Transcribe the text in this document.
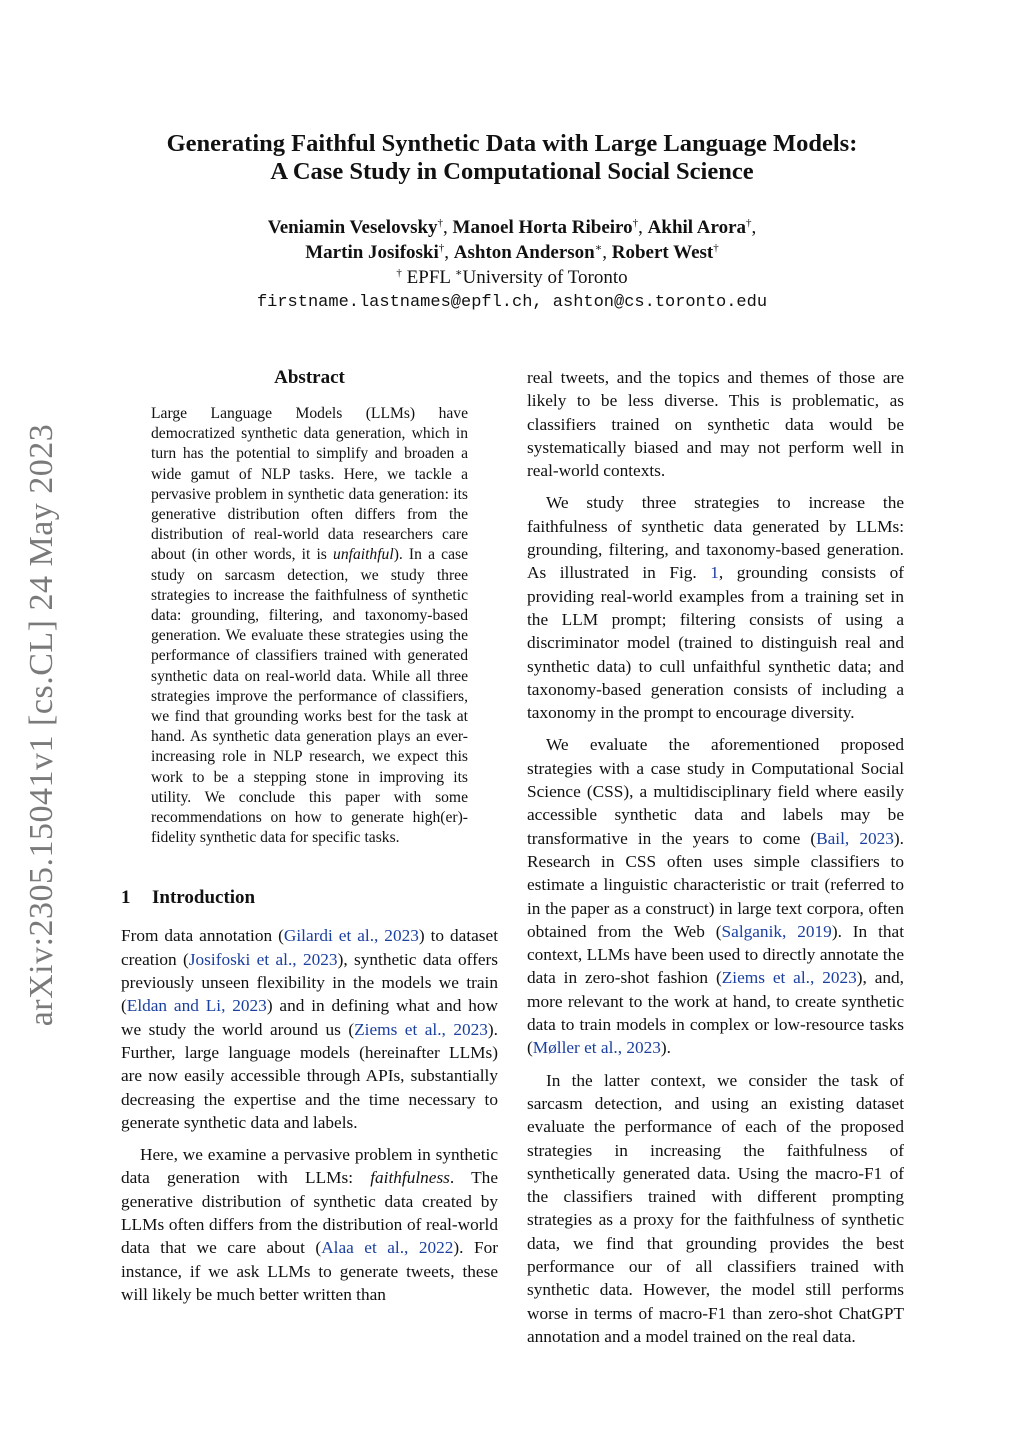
arXiv:2305.15041v1 [cs.CL] 24 May 2023
Generating Faithful Synthetic Data with Large Language Models:
A Case Study in Computational Social Science
Veniamin Veselovsky†, Manoel Horta Ribeiro†, Akhil Arora†,
Martin Josifoski†, Ashton Anderson∗, Robert West†
† EPFL ∗University of Toronto
firstname.lastnames@epfl.ch, ashton@cs.toronto.edu
Abstract
Large Language Models (LLMs) have democratized synthetic data generation, which in turn has the potential to simplify and broaden a wide gamut of NLP tasks. Here, we tackle a pervasive problem in synthetic data generation: its generative distribution often differs from the distribution of real-world data researchers care about (in other words, it is unfaithful). In a case study on sarcasm detection, we study three strategies to increase the faithfulness of synthetic data: grounding, filtering, and taxonomy-based generation. We evaluate these strategies using the performance of classifiers trained with generated synthetic data on real-world data. While all three strategies improve the performance of classifiers, we find that grounding works best for the task at hand. As synthetic data generation plays an ever-increasing role in NLP research, we expect this work to be a stepping stone in improving its utility. We conclude this paper with some recommendations on how to generate high(er)-fidelity synthetic data for specific tasks.
1 Introduction

From data annotation (Gilardi et al., 2023) to dataset creation (Josifoski et al., 2023), synthetic data offers previously unseen flexibility in the models we train (Eldan and Li, 2023) and in defining what and how we study the world around us (Ziems et al., 2023). Further, large language models (hereinafter LLMs) are now easily accessible through APIs, substantially decreasing the expertise and the time necessary to generate synthetic data and labels.

Here, we examine a pervasive problem in synthetic data generation with LLMs: faithfulness. The generative distribution of synthetic data created by LLMs often differs from the distribution of real-world data that we care about (Alaa et al., 2022). For instance, if we ask LLMs to generate tweets, these will likely be much better written than

real tweets, and the topics and themes of those are likely to be less diverse. This is problematic, as classifiers trained on synthetic data would be systematically biased and may not perform well in real-world contexts.

We study three strategies to increase the faithfulness of synthetic data generated by LLMs: grounding, filtering, and taxonomy-based generation. As illustrated in Fig. 1, grounding consists of providing real-world examples from a training set in the LLM prompt; filtering consists of using a discriminator model (trained to distinguish real and synthetic data) to cull unfaithful synthetic data; and taxonomy-based generation consists of including a taxonomy in the prompt to encourage diversity.

We evaluate the aforementioned proposed strategies with a case study in Computational Social Science (CSS), a multidisciplinary field where easily accessible synthetic data and labels may be transformative in the years to come (Bail, 2023). Research in CSS often uses simple classifiers to estimate a linguistic characteristic or trait (referred to in the paper as a construct) in large text corpora, often obtained from the Web (Salganik, 2019). In that context, LLMs have been used to directly annotate the data in zero-shot fashion (Ziems et al., 2023), and, more relevant to the work at hand, to create synthetic data to train models in complex or low-resource tasks (Møller et al., 2023).

In the latter context, we consider the task of sarcasm detection, and using an existing dataset evaluate the performance of each of the proposed strategies in increasing the faithfulness of synthetically generated data. Using the macro-F1 of the classifiers trained with different prompting strategies as a proxy for the faithfulness of synthetic data, we find that grounding provides the best performance our of all classifiers trained with synthetic data. However, the model still performs worse in terms of macro-F1 than zero-shot ChatGPT annotation and a model trained on the real data.
